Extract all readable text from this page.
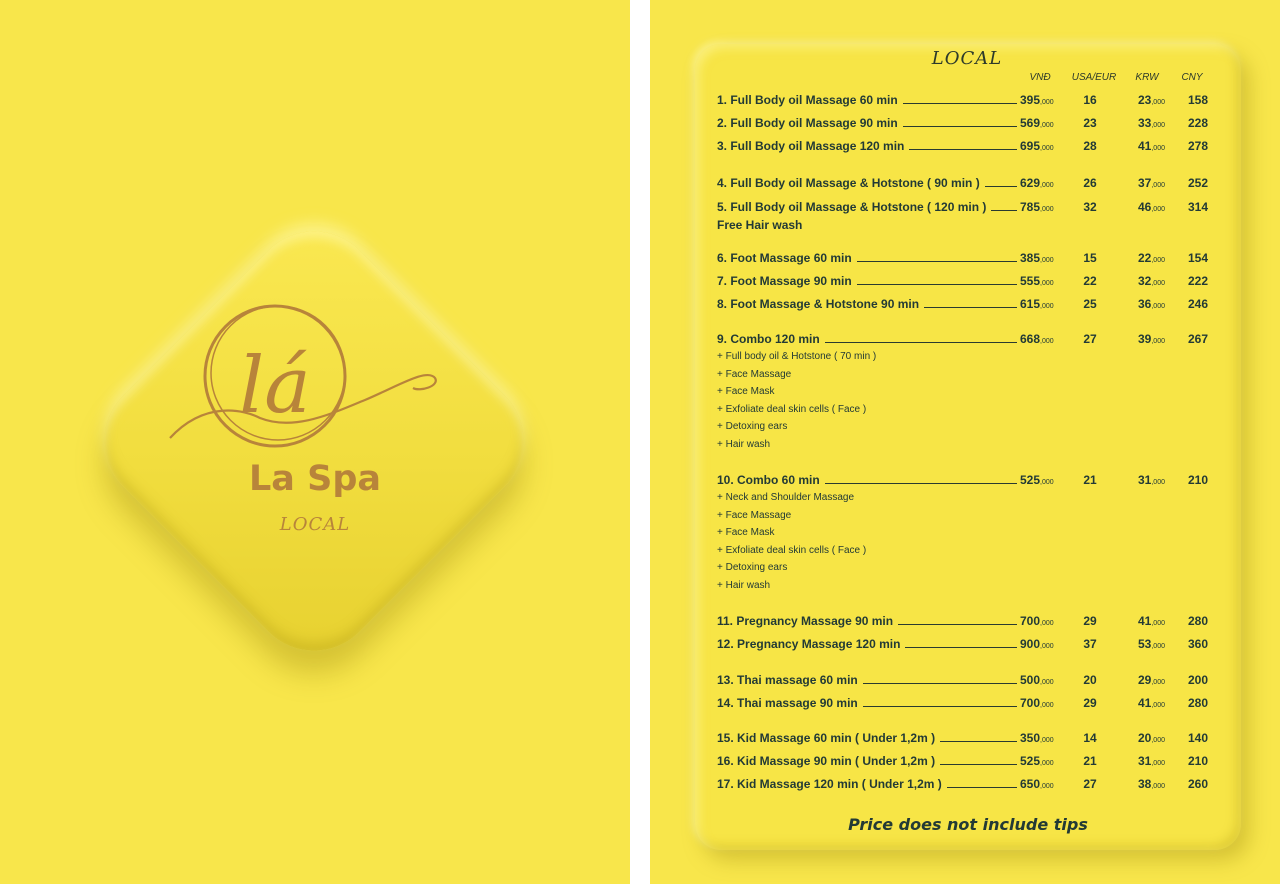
lá
La Spa
LOCAL
LOCAL
VNĐ	USA/EUR	KRW	CNY
1. Full Body oil Massage 60 min	395,000	16	23,000	158
2. Full Body oil Massage 90 min	569,000	23	33,000	228
3. Full Body oil Massage 120 min	695,000	28	41,000	278
4. Full Body oil Massage & Hotstone ( 90 min )	629,000	26	37,000	252
5. Full Body oil Massage & Hotstone ( 120 min )	785,000	32	46,000	314
Free Hair wash
6. Foot Massage 60 min	385,000	15	22,000	154
7. Foot Massage 90 min	555,000	22	32,000	222
8. Foot Massage & Hotstone 90 min	615,000	25	36,000	246
9. Combo 120 min	668,000	27	39,000	267
+ Full body oil & Hotstone ( 70 min )
+ Face Massage
+ Face Mask
+ Exfoliate deal skin cells ( Face )
+ Detoxing ears
+ Hair wash
10. Combo 60 min	525,000	21	31,000	210
+ Neck and Shoulder Massage
+ Face Massage
+ Face Mask
+ Exfoliate deal skin cells ( Face )
+ Detoxing ears
+ Hair wash
11. Pregnancy Massage 90 min	700,000	29	41,000	280
12. Pregnancy Massage 120 min	900,000	37	53,000	360
13. Thai massage 60 min	500,000	20	29,000	200
14. Thai massage 90 min	700,000	29	41,000	280
15. Kid Massage 60 min ( Under 1,2m )	350,000	14	20,000	140
16. Kid Massage 90 min ( Under 1,2m )	525,000	21	31,000	210
17. Kid Massage 120 min ( Under 1,2m )	650,000	27	38,000	260
Price does not include tips
